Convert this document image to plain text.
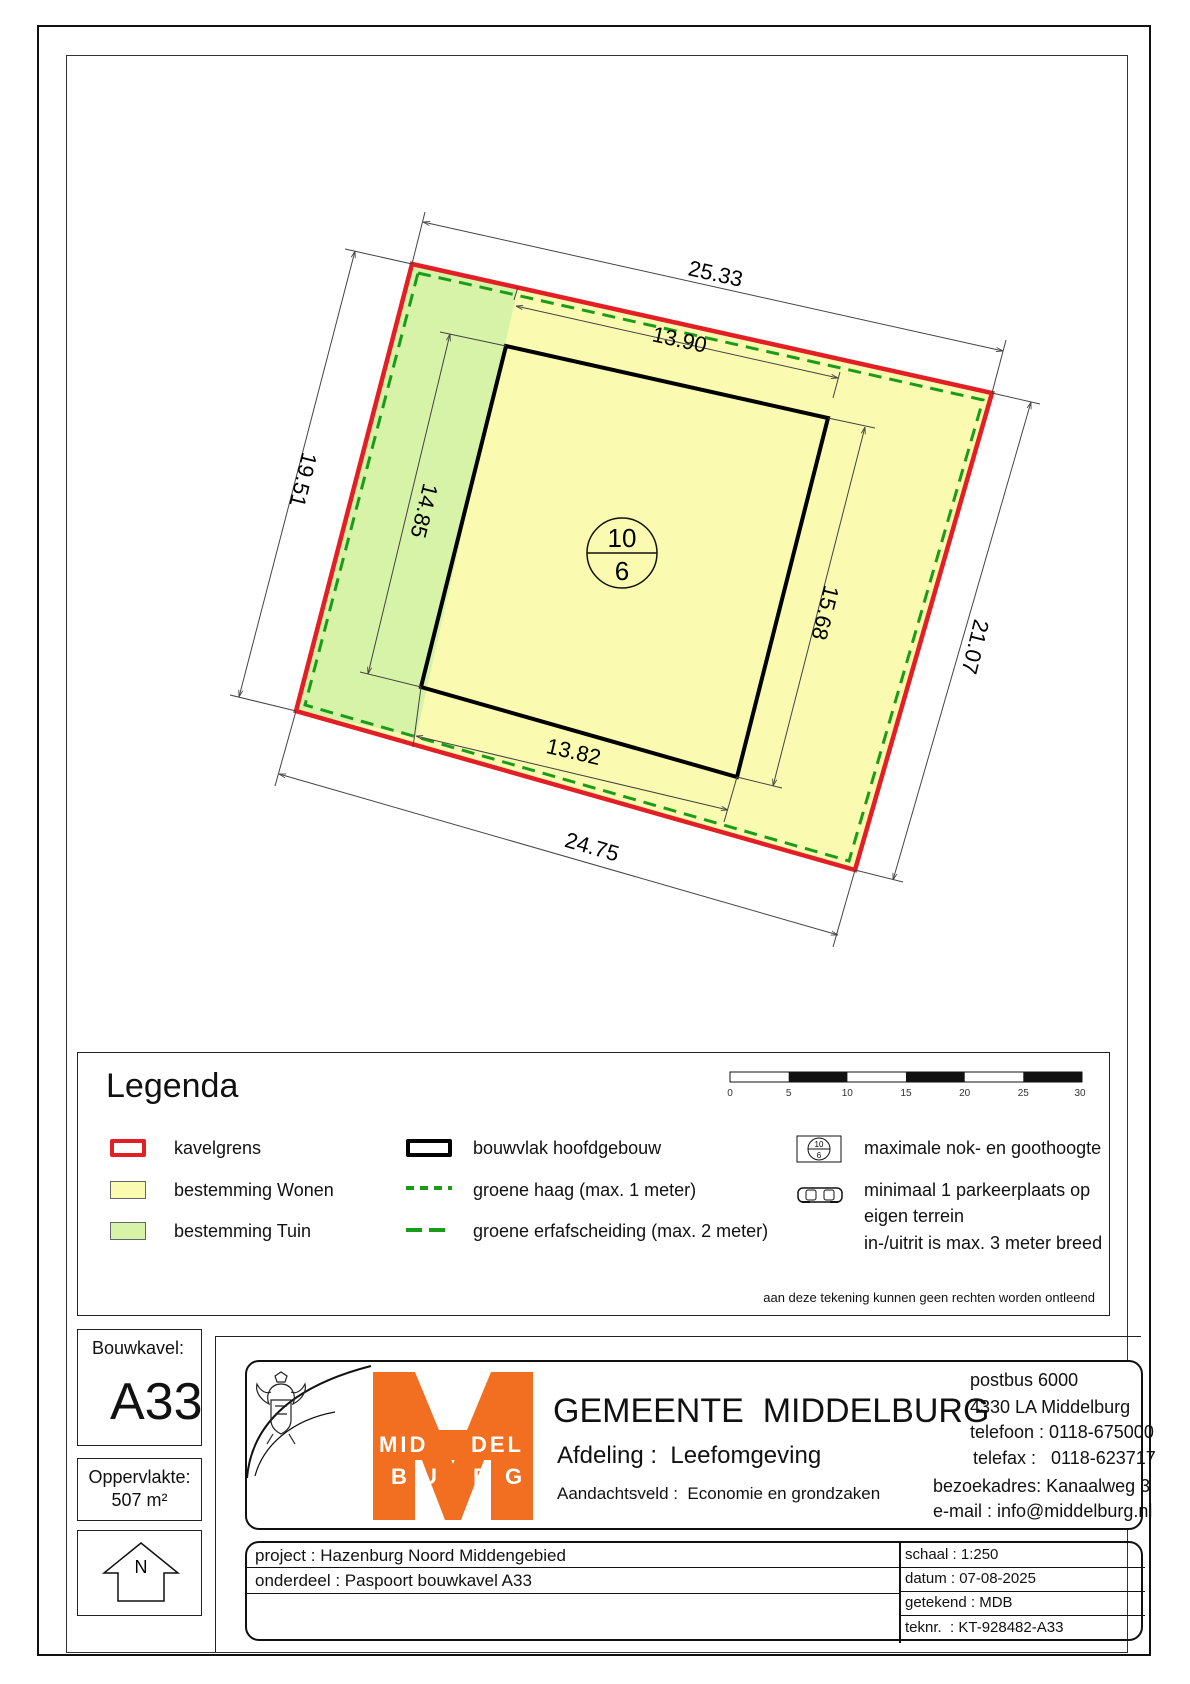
10
6
25.33
13.90
19.51
14.85
15.68
21.07
13.82
24.75
Legenda	0	5	10	15	20	25	30
kavelgrens
bestemming Wonen
bestemming Tuin
bouwvlak hoofdgebouw
groene haag (max. 1 meter)
groene erfafscheiding (max. 2 meter)
10
6 maximale nok- en goothoogte
minimaal 1 parkeerplaats op
eigen terrein
in-/uitrit is max. 3 meter breed
aan deze tekening kunnen geen rechten worden ontleend
Bouwkavel:
A33
Oppervlakte:
507 m²
N
MID DEL
B U R G
GEMEENTE  MIDDELBURG
Afdeling :  Leefomgeving
Aandachtsveld :  Economie en grondzaken
postbus 6000
4330 LA Middelburg
telefoon : 0118-675000
telefax :   0118-623717
bezoekadres: Kanaalweg 3
e-mail : info@middelburg.nl
project : Hazenburg Noord Middengebied
onderdeel : Paspoort bouwkavel A33
schaal : 1:250
datum : 07-08-2025
getekend : MDB
teknr.  : KT-928482-A33
